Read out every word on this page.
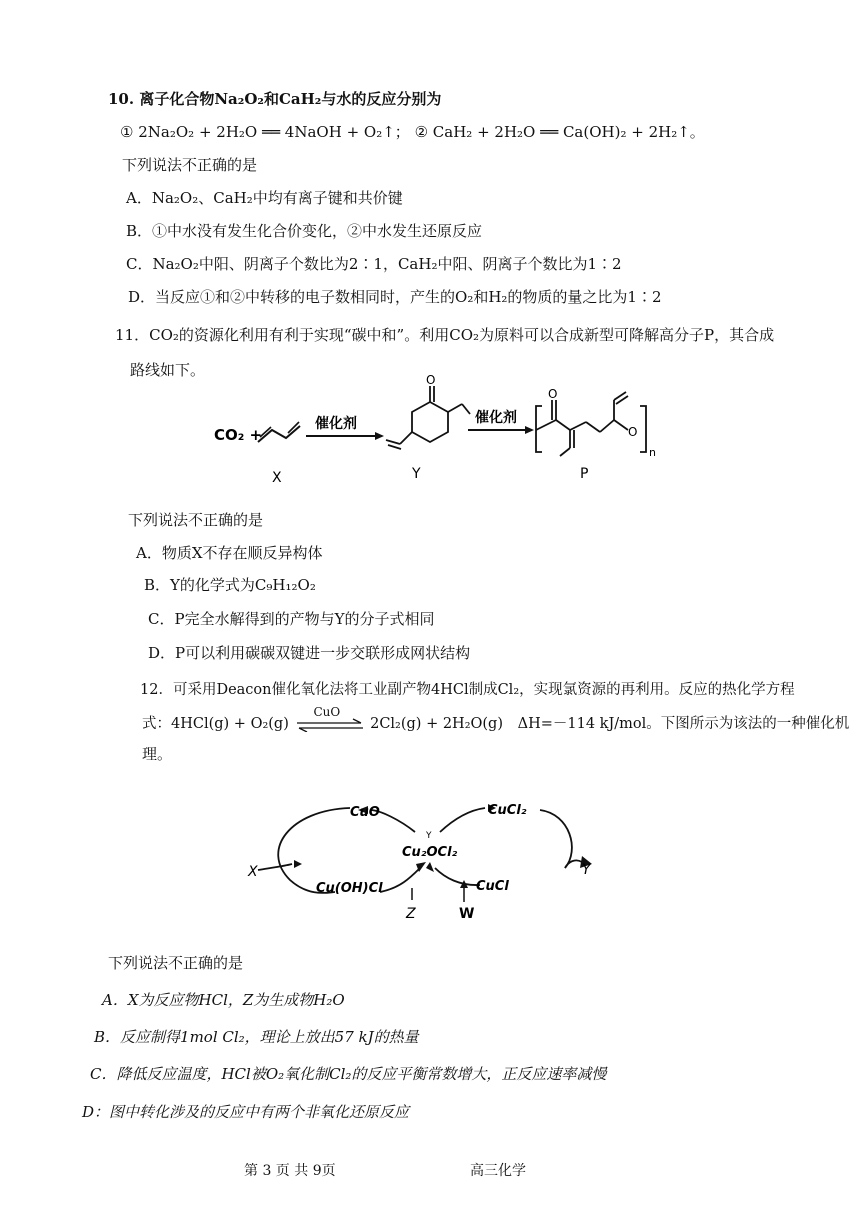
10. 离子化合物Na₂O₂和CaH₂与水的反应分别为
① 2Na₂O₂ + 2H₂O ══ 4NaOH + O₂↑； ② CaH₂ + 2H₂O ══ Ca(OH)₂ + 2H₂↑。
下列说法不正确的是
A．Na₂O₂、CaH₂中均有离子键和共价键
B．①中水没有发生化合价变化，②中水发生还原反应
C．Na₂O₂中阳、阴离子个数比为2∶1，CaH₂中阳、阴离子个数比为1∶2
D．当反应①和②中转移的电子数相同时，产生的O₂和H₂的物质的量之比为1∶2
11．CO₂的资源化利用有利于实现“碳中和”。利用CO₂为原料可以合成新型可降解高分子P，其合成
路线如下。
CO₂ +
催化剂
O
.	催化剂
O
O
n
X	Y	P
下列说法不正确的是
A．物质X不存在顺反异构体
B．Y的化学式为C₉H₁₂O₂
C．P完全水解得到的产物与Y的分子式相同
D．P可以利用碳碳双键进一步交联形成网状结构
12．可采用Deacon催化氧化法将工业副产物4HCl制成Cl₂，实现氯资源的再利用。反应的热化学方程
式：4HCl(g) + O₂(g)
CuO
2Cl₂(g) + 2H₂O(g) ΔH=－114 kJ/mol。下图所示为该法的一种催化机
理。
CuO	CuCl₂
Y
Cu₂OCl₂
Cu(OH)Cl	CuCl
X	Y
Z	W
下列说法不正确的是
A．X为反应物HCl，Z为生成物H₂O
B．反应制得1mol Cl₂，理论上放出57 kJ的热量
C．降低反应温度，HCl被O₂氧化制Cl₂的反应平衡常数增大，正反应速率减慢
D：图中转化涉及的反应中有两个非氧化还原反应
第 3 页 共 9页	高三化学
